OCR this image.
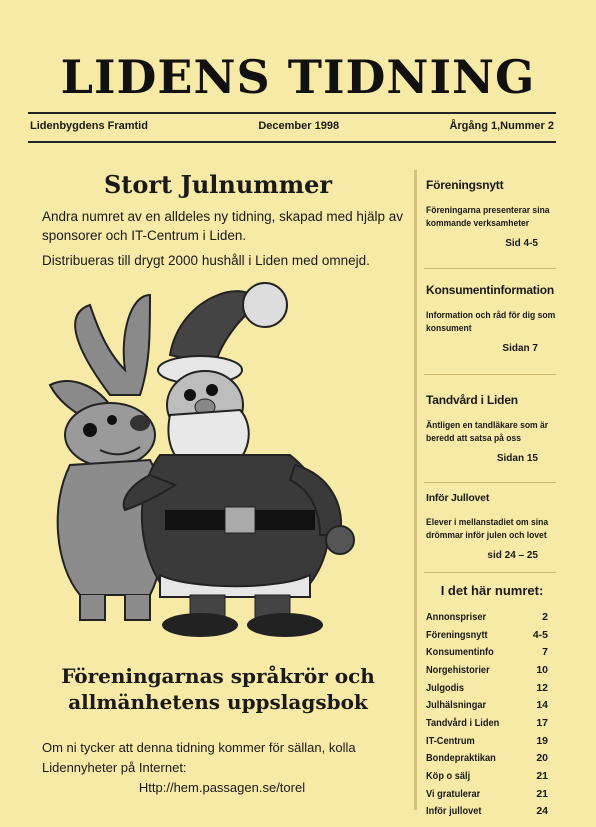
LIDENS TIDNING
Lidenbygdens Framtid	December 1998	Årgång 1,Nummer 2
Stort Julnummer

Andra numret av en alldeles ny tidning, skapad med hjälp av sponsorer och IT-Centrum i Liden.

Distribueras till drygt 2000 hushåll i Liden med omnejd.

Föreningarnas språkrör och
allmänhetens uppslagsbok
Om ni tycker att denna tidning kommer för sällan, kolla
Lidennyheter på Internet:
Http://hem.passagen.se/torel
Föreningsnytt
Föreningarna presenterar sina kommande verksamheter
Sid 4-5
Konsumentinformation
Information och råd för dig som konsument
Sidan 7
Tandvård i Liden
Äntligen en tandläkare som är beredd att satsa på oss
Sidan 15
Inför Jullovet
Elever i mellanstadiet om sina drömmar inför julen och lovet
sid 24 – 25
I det här numret:
Annonspriser	2
Föreningsnytt	4-5
Konsumentinfo	7
Norgehistorier	10
Julgodis	12
Julhälsningar	14
Tandvård i Liden	17
IT-Centrum	19
Bondepraktikan	20
Köp o sälj	21
Vi gratulerar	21
Inför jullovet	24
